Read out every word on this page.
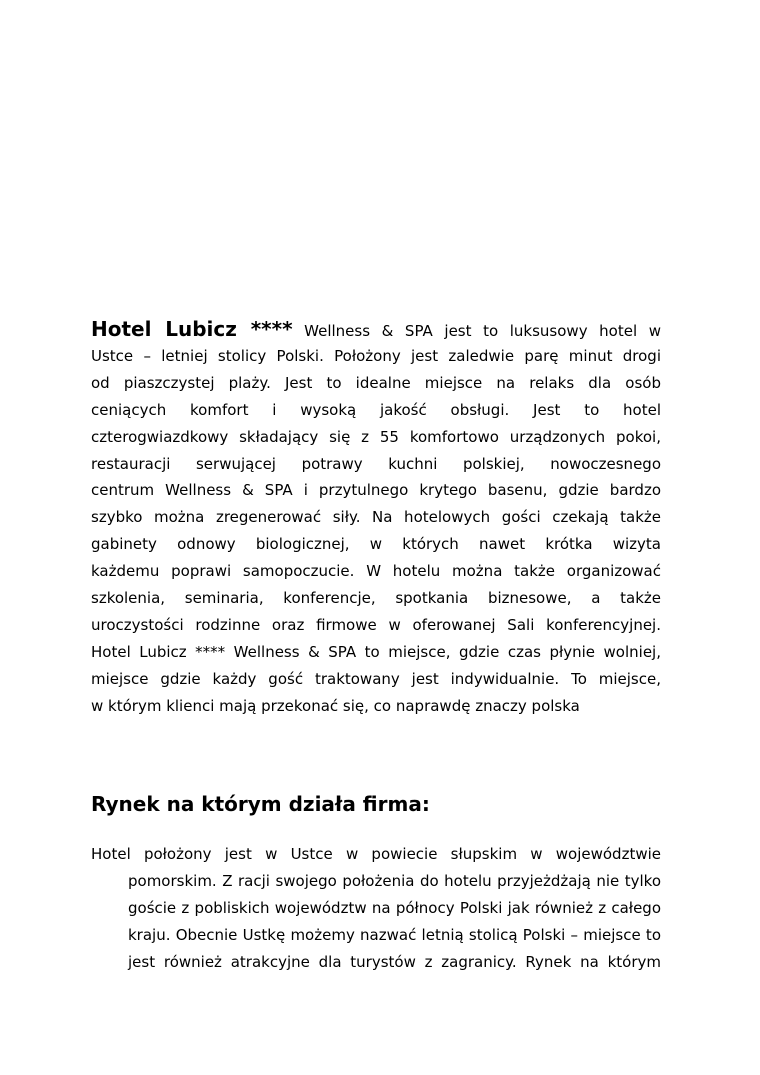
Hotel Lubicz **** Wellness & SPA jest to luksusowy hotel w
Ustce – letniej stolicy Polski. Położony jest zaledwie parę minut drogi
od piaszczystej plaży. Jest to idealne miejsce na relaks dla osób
ceniących komfort i wysoką jakość obsługi. Jest to hotel
czterogwiazdkowy składający się z 55 komfortowo urządzonych pokoi,
restauracji serwującej potrawy kuchni polskiej, nowoczesnego
centrum Wellness & SPA i przytulnego krytego basenu, gdzie bardzo
szybko można zregenerować siły. Na hotelowych gości czekają także
gabinety odnowy biologicznej, w których nawet krótka wizyta
każdemu poprawi samopoczucie. W hotelu można także organizować
szkolenia, seminaria, konferencje, spotkania biznesowe, a także
uroczystości rodzinne oraz firmowe w oferowanej Sali konferencyjnej.
Hotel Lubicz **** Wellness & SPA to miejsce, gdzie czas płynie wolniej,
miejsce gdzie każdy gość traktowany jest indywidualnie. To miejsce,
w którym klienci mają przekonać się, co naprawdę znaczy polska
Rynek na którym działa firma:
Hotel położony jest w Ustce w powiecie słupskim w województwie
pomorskim. Z racji swojego położenia do hotelu przyjeżdżają nie tylko
goście z pobliskich województw na północy Polski jak również z całego
kraju. Obecnie Ustkę możemy nazwać letnią stolicą Polski – miejsce to
jest również atrakcyjne dla turystów z zagranicy. Rynek na którym
